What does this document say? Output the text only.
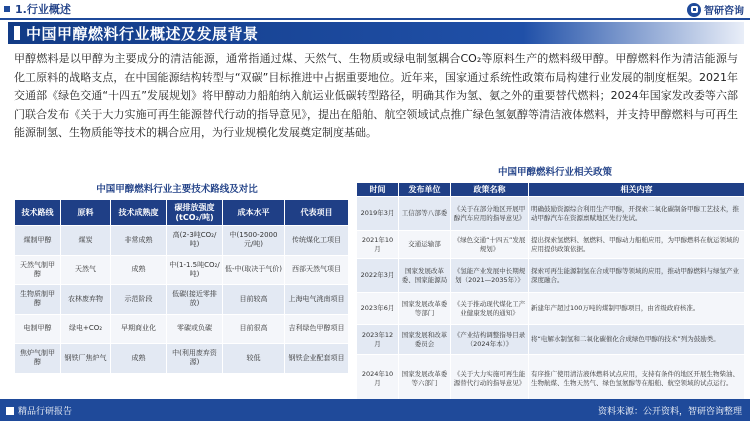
1.行业概述	智研咨询
中国甲醇燃料行业概述及发展背景

甲醇燃料是以甲醇为主要成分的清洁能源，通常指通过煤、天然气、生物质或绿电制氢耦合CO₂等原料生产的燃料级甲醇。甲醇燃料作为清洁能源与化工原料的战略支点，在中国能源结构转型与“双碳”目标推进中占据重要地位。近年来，国家通过系统性政策布局构建行业发展的制度框架。2021年交通部《绿色交通“十四五”发展规划》将甲醇动力船舶纳入航运业低碳转型路径，明确其作为氢、氨之外的重要替代燃料；2024年国家发改委等六部门联合发布《关于大力实施可再生能源替代行动的指导意见》，提出在船舶、航空领域试点推广绿色氢氨醇等清洁液体燃料，并支持甲醇燃料与可再生能源制氢、生物质能等技术的耦合应用，为行业规模化发展奠定制度基础。

中国甲醇燃料行业主要技术路线及对比
技术路线	原料	技术成熟度	碳排放强度(tCO₂/吨)	成本水平	代表项目
煤制甲醇	煤炭	非常成熟	高(2-3吨CO₂/吨)	中(1500-2000元/吨)	传统煤化工项目
天然气制甲醇	天然气	成熟	中(1-1.5吨CO₂/吨)	低-中(取决于气价)	西部天然气项目
生物质制甲醇	农林废弃物	示范阶段	低碳(接近零排放)	目前较高	上海电气洮南项目
电制甲醇	绿电+CO₂	早期商业化	零碳或负碳	目前很高	吉利绿色甲醇项目
焦炉气制甲醇	钢铁厂焦炉气	成熟	中(利用废弃资源)	较低	钢铁企业配套项目
中国甲醇燃料行业相关政策
时间	发布单位	政策名称	相关内容
2019年3月	工信部等八部委	《关于在部分地区开展甲醇汽车应用的指导意见》	明确鼓励资源综合利用生产甲醇，开探索二氧化碳制备甲醇工艺技术，推动甲醇汽车在资源禀赋地区先行先试。
2021年10月	交通运输部	《绿色交通“十四五”发展规划》	提出探索氢燃料、氨燃料、甲醇动力船舶应用，为甲醇燃料在航运领域的应用提供政策依据。
2022年3月	国家发展改革委、国家能源局	《氢能产业发展中长期规划（2021—2035年）》	探索可再生能源制氢在合成甲醇等领域的应用，推动甲醇燃料与绿氢产业深度融合。
2023年6月	国家发展改革委等部门	《关于推动现代煤化工产业健康发展的通知》	新建年产超过100万吨的煤制甲醇项目，由省级政府核准。
2023年12月	国家发展和改革委员会	《产业结构调整指导目录（2024年本）》	将“电解水制氢和二氧化碳催化合成绿色甲醇的技术”列为鼓励类。
2024年10月	国家发展改革委等六部门	《关于大力实施可再生能源替代行动的指导意见》	有序推广使用清洁液体燃料试点应用，支持有条件的地区开展生物柴油、生物航煤、生物天然气、绿色氢氨醇等在船舶、航空领域的试点运行。
精品行研报告	资料来源：公开资料，智研咨询整理
